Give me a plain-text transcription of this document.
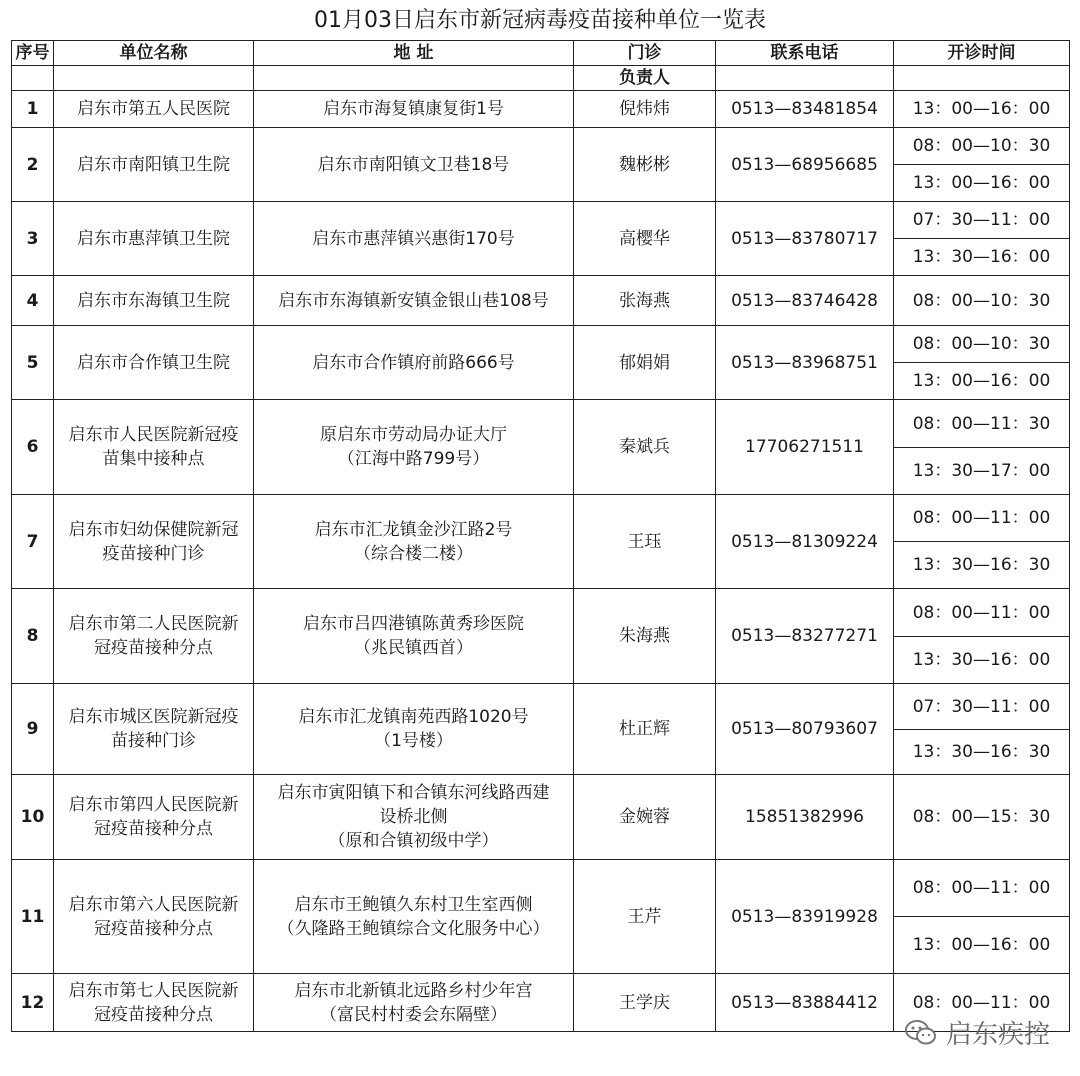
01月03日启东市新冠病毒疫苗接种单位一览表
序号	单位名称	地 址	门诊	联系电话	开诊时间
			负责人		
1	启东市第五人民医院	启东市海复镇康复街1号	倪炜炜	0513—83481854	13：00—16：00
2	启东市南阳镇卫生院	启东市南阳镇文卫巷18号	魏彬彬	0513—68956685	08：00—10：30
					13：00—16：00
3	启东市惠萍镇卫生院	启东市惠萍镇兴惠街170号	高樱华	0513—83780717	07：30—11：00
					13：30—16：00
4	启东市东海镇卫生院	启东市东海镇新安镇金银山巷108号	张海燕	0513—83746428	08：00—10：30
5	启东市合作镇卫生院	启东市合作镇府前路666号	郁娟娟	0513—83968751	08：00—10：30
					13：00—16：00
6	启东市人民医院新冠疫
苗集中接种点	原启东市劳动局办证大厅
（江海中路799号）	秦斌兵	17706271511	08：00—11：30
					13：30—17：00
7	启东市妇幼保健院新冠
疫苗接种门诊	启东市汇龙镇金沙江路2号
（综合楼二楼）	王珏	0513—81309224	08：00—11：00
					13：30—16：30
8	启东市第二人民医院新
冠疫苗接种分点	启东市吕四港镇陈黄秀珍医院
（兆民镇西首）	朱海燕	0513—83277271	08：00—11：00
					13：30—16：00
9	启东市城区医院新冠疫
苗接种门诊	启东市汇龙镇南苑西路1020号
（1号楼）	杜正辉	0513—80793607	07：30—11：00
					13：30—16：30
10	启东市第四人民医院新
冠疫苗接种分点	启东市寅阳镇下和合镇东河线路西建
设桥北侧
（原和合镇初级中学）	金婉蓉	15851382996	08：00—15：30
11	启东市第六人民医院新
冠疫苗接种分点	启东市王鲍镇久东村卫生室西侧
（久隆路王鲍镇综合文化服务中心）	王芹	0513—83919928	08：00—11：00
					13：00—16：00
12	启东市第七人民医院新
冠疫苗接种分点	启东市北新镇北远路乡村少年宫
（富民村村委会东隔壁）	王学庆	0513—83884412	08：00—11：00
启东疾控
